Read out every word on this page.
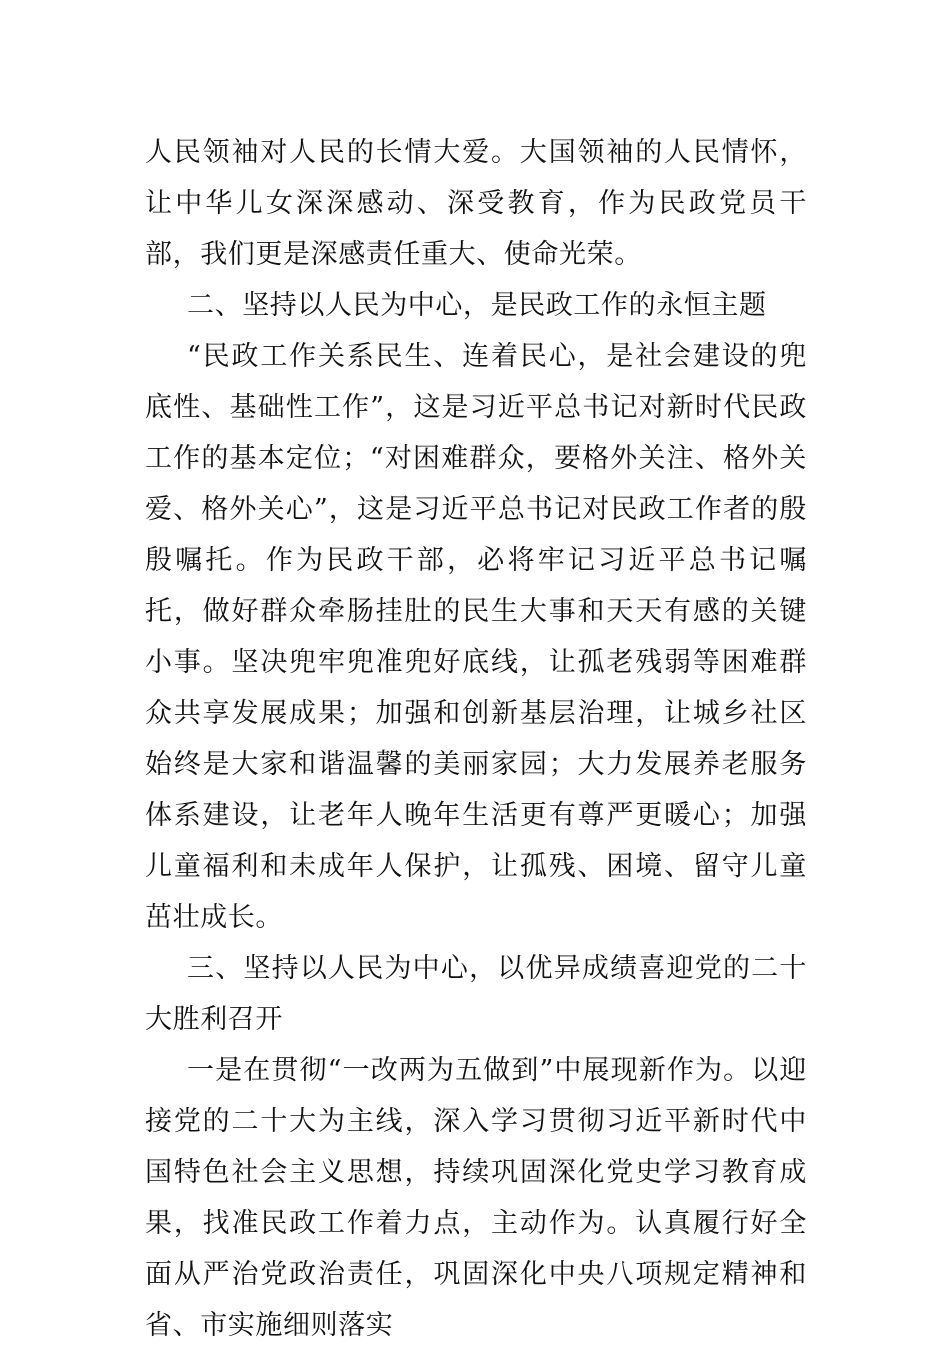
人民领袖对人民的长情大爱。大国领袖的人民情怀，让中华儿女深深感动、深受教育，作为民政党员干部，我们更是深感责任重大、使命光荣。

二、坚持以人民为中心，是民政工作的永恒主题

“民政工作关系民生、连着民心，是社会建设的兜底性、基础性工作”，这是习近平总书记对新时代民政工作的基本定位；“对困难群众，要格外关注、格外关爱、格外关心”，这是习近平总书记对民政工作者的殷殷嘱托。作为民政干部，必将牢记习近平总书记嘱托，做好群众牵肠挂肚的民生大事和天天有感的关键小事。坚决兜牢兜准兜好底线，让孤老残弱等困难群众共享发展成果；加强和创新基层治理，让城乡社区始终是大家和谐温馨的美丽家园；大力发展养老服务体系建设，让老年人晚年生活更有尊严更暖心；加强儿童福利和未成年人保护，让孤残、困境、留守儿童茁壮成长。

三、坚持以人民为中心，以优异成绩喜迎党的二十大胜利召开

一是在贯彻“一改两为五做到”中展现新作为。以迎接党的二十大为主线，深入学习贯彻习近平新时代中国特色社会主义思想，持续巩固深化党史学习教育成果，找准民政工作着力点，主动作为。认真履行好全面从严治党政治责任，巩固深化中央八项规定精神和省、市实施细则落实
